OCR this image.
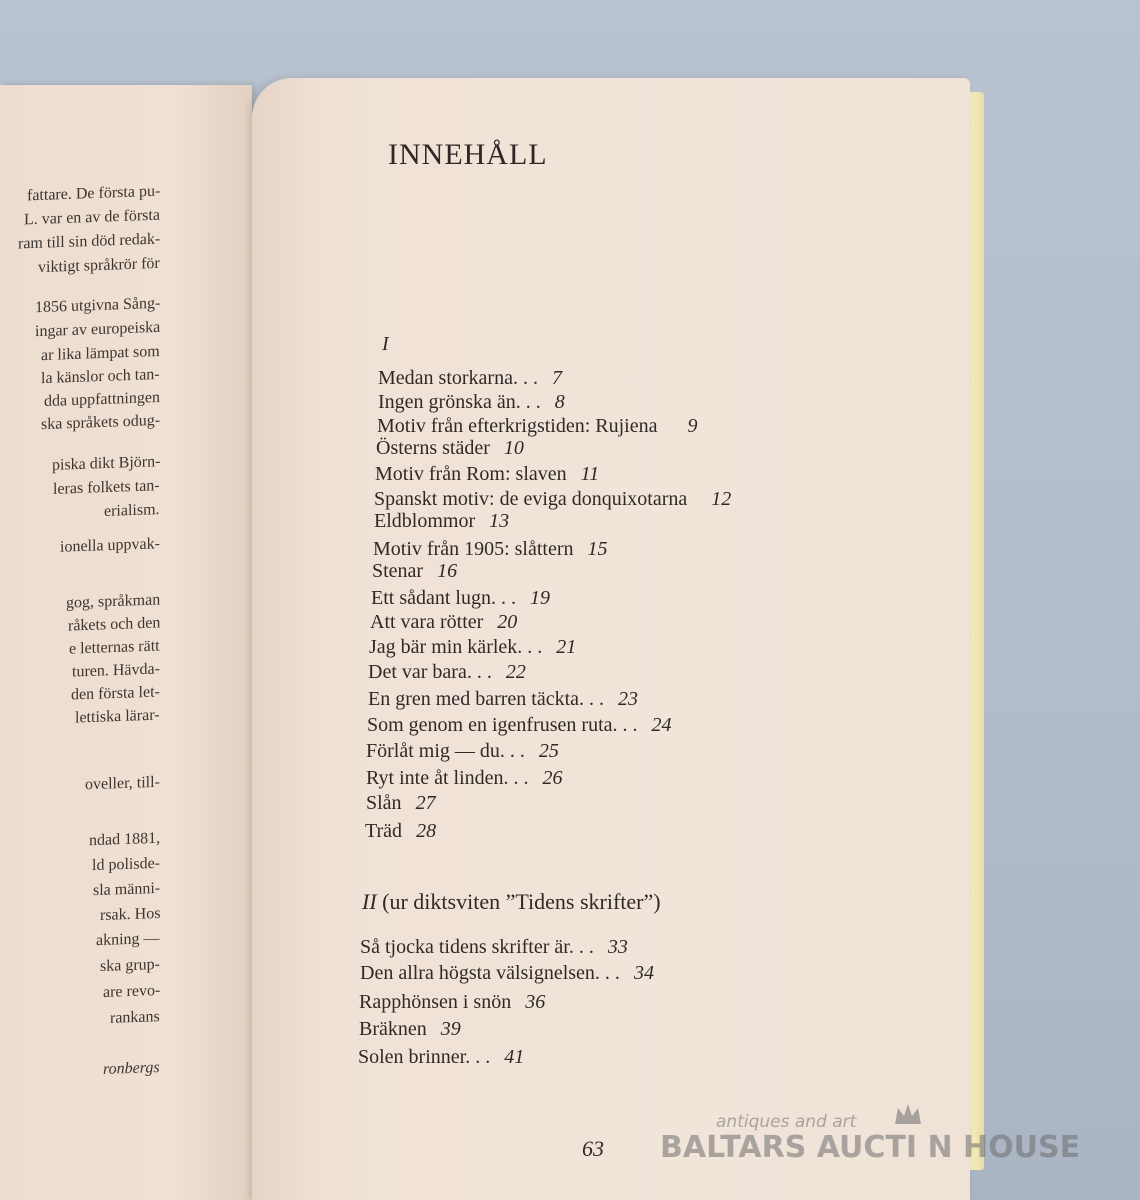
fattare. De första pu-
L. var en av de första
ram till sin död redak-
viktigt språkrör för
1856 utgivna Sång-
ingar av europeiska
ar lika lämpat som
la känslor och tan-
dda uppfattningen
ska språkets odug-
piska dikt Björn-
leras folkets tan-
erialism.
ionella uppvak-
gog, språkman
råkets och den
e letternas rätt
turen. Hävda-
den första let-
lettiska lärar-
oveller, till-
ndad 1881,
ld polisde-
sla männi-
rsak. Hos
akning —
ska grup-
are revo-
rankans
ronbergs
INNEHÅLL
I
Medan storkarna. . . 7
Ingen grönska än. . . 8
Motiv från efterkrigstiden: Rujiena 9
Österns städer 10
Motiv från Rom: slaven 11
Spanskt motiv: de eviga donquixotarna 12
Eldblommor 13
Motiv från 1905: slåttern 15
Stenar 16
Ett sådant lugn. . . 19
Att vara rötter 20
Jag bär min kärlek. . . 21
Det var bara. . . 22
En gren med barren täckta. . . 23
Som genom en igenfrusen ruta. . . 24
Förlåt mig — du. . . 25
Ryt inte åt linden. . . 26
Slån 27
Träd 28
II (ur diktsviten ”Tidens skrifter”)
Så tjocka tidens skrifter är. . . 33
Den allra högsta välsignelsen. . . 34
Rapphönsen i snön 36
Bräknen 39
Solen brinner. . . 41
63
antiques and art
BALTARS AUCTI N HOUSE
